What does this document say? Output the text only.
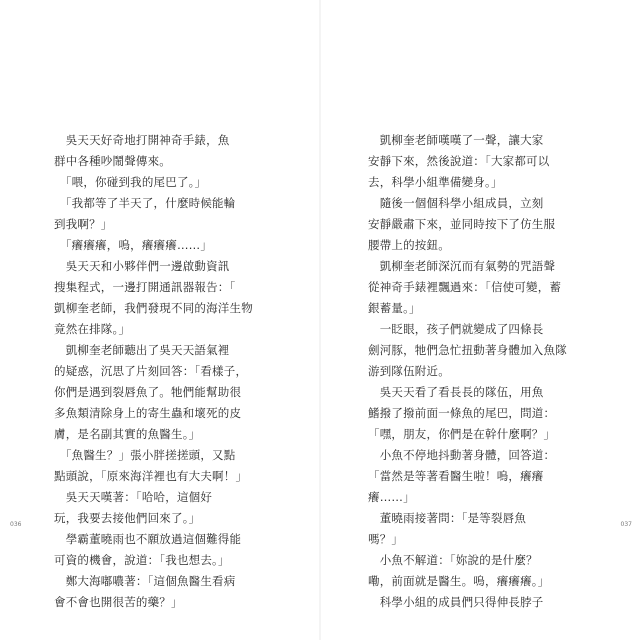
　吳天天好奇地打開神奇手錶，魚
群中各種吵鬧聲傳來。
　「喂，你碰到我的尾巴了。」
　「我都等了半天了，什麼時候能輪
到我啊？」
　「癢癢癢，嗚，癢癢癢……」
　吳天天和小夥伴們一邊啟動資訊
搜集程式，一邊打開通訊器報告：「
凱柳奎老師，我們發現不同的海洋生物
竟然在排隊。」
　凱柳奎老師聽出了吳天天語氣裡
的疑惑，沉思了片刻回答：「看樣子，
你們是遇到裂唇魚了。牠們能幫助很
多魚類清除身上的寄生蟲和壞死的皮
膚，是名副其實的魚醫生。」
　「魚醫生？」張小胖搓搓頭，又點
點頭說，「原來海洋裡也有大夫啊！」
　吳天天嘆著：「哈哈，這個好
玩，我要去接他們回來了。」
　學霸董曉雨也不願放過這個難得能
可資的機會，說道：「我也想去。」
　鄭大海嘟噥著：「這個魚醫生看病
會不會也開很苦的藥？」
036
　凱柳奎老師嘆嘆了一聲，讓大家
安靜下來，然後說道：「大家都可以
去，科學小組準備變身。」
　隨後一個個科學小組成員，立刻
安靜嚴肅下來，並同時按下了仿生服
腰帶上的按鈕。
　凱柳奎老師深沉而有氣勢的咒語聲
從神奇手錶裡飄過來：「信使可變，蓄
銀蓄量。」
　一眨眼，孩子們就變成了四條長
劍河豚，牠們急忙扭動著身體加入魚隊
游到隊伍附近。
　吳天天看了看長長的隊伍，用魚
鰭撥了撥前面一條魚的尾巴，問道：
「嘿，朋友，你們是在幹什麼啊？」
　小魚不停地抖動著身體，回答道：
「當然是等著看醫生啦！嗚，癢癢
癢……」
　董曉雨接著問：「是等裂唇魚
嗎？」
　小魚不解道：「妳說的是什麼？
嘞，前面就是醫生。嗚，癢癢癢。」
　科學小組的成員們只得伸長脖子
037
